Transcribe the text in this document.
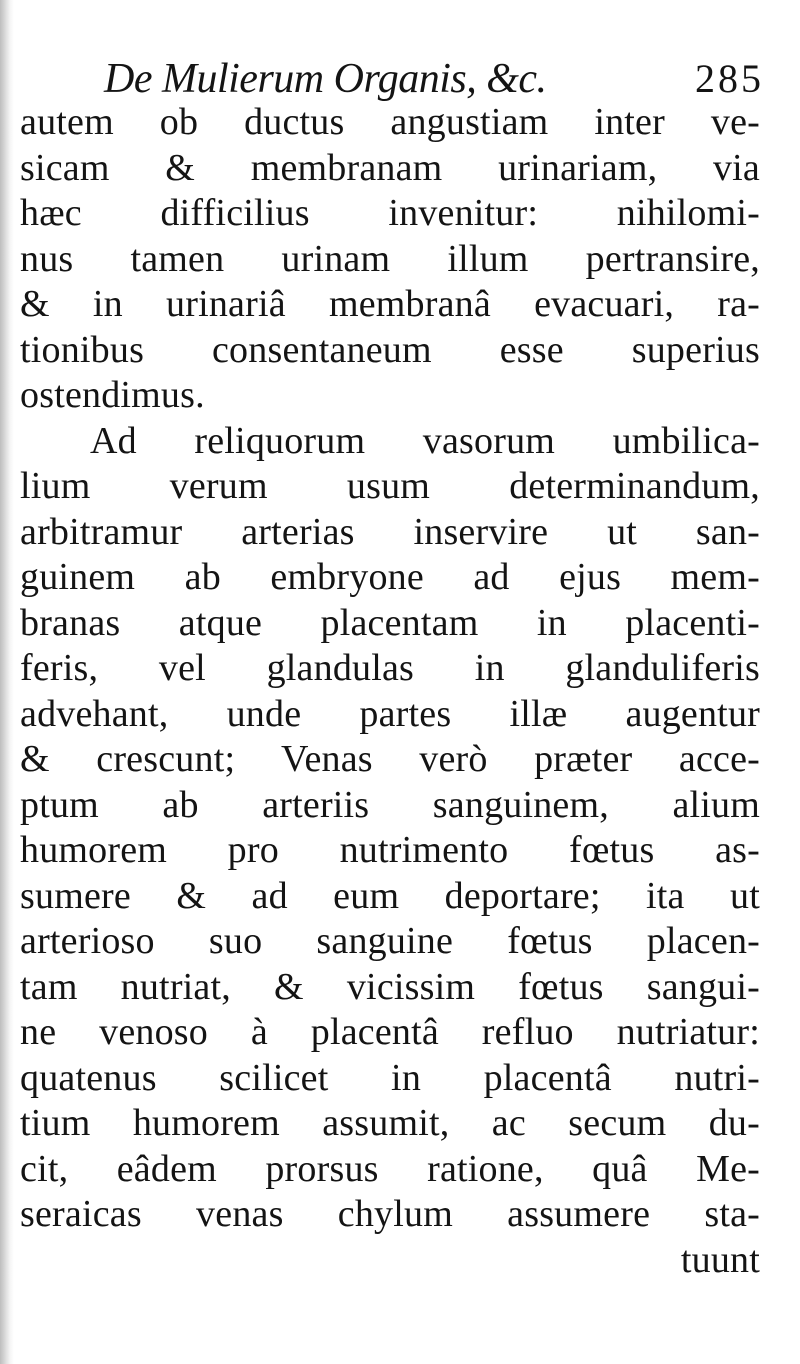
De Mulierum Organis, &c.	285
autem ob ductus angustiam inter ve-
sicam & membranam urinariam, via
hæc difficilius invenitur: nihilomi-
nus tamen urinam illum pertransire,
& in urinariâ membranâ evacuari, ra-
tionibus consentaneum esse superius
ostendimus.
Ad reliquorum vasorum umbilica-
lium verum usum determinandum,
arbitramur arterias inservire ut san-
guinem ab embryone ad ejus mem-
branas atque placentam in placenti-
feris, vel glandulas in glanduliferis
advehant, unde partes illæ augentur
& crescunt; Venas verò præter acce-
ptum ab arteriis sanguinem, alium
humorem pro nutrimento fœtus as-
sumere & ad eum deportare; ita ut
arterioso suo sanguine fœtus placen-
tam nutriat, & vicissim fœtus sangui-
ne venoso à placentâ refluo nutriatur:
quatenus scilicet in placentâ nutri-
tium humorem assumit, ac secum du-
cit, eâdem prorsus ratione, quâ Me-
seraicas venas chylum assumere sta-
tuunt
